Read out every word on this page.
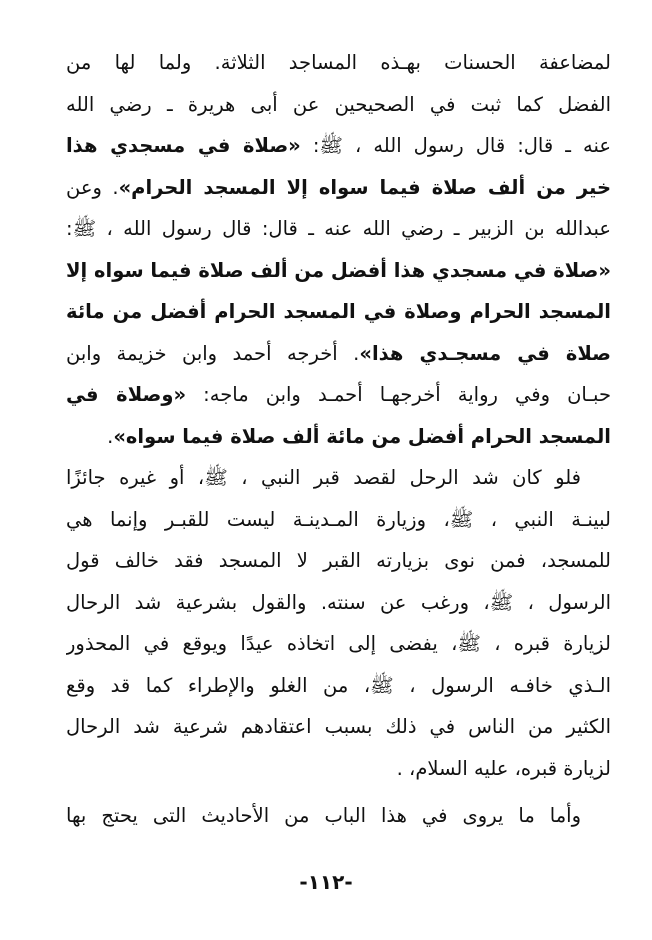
لمضاعفة الحسنات بهـذه المساجد الثلاثة. ولما لها من
الفضل كما ثبت في الصحيحين عن أبى هريرة ـ رضي الله
عنه ـ قال: قال رسول الله ، ﷺ: «صلاة في مسجدي هذا
خير من ألف صلاة فيما سواه إلا المسجد الحرام». وعن
عبدالله بن الزبير ـ رضي الله عنه ـ قال: قال رسول الله ، ﷺ:
«صلاة في مسجدي هذا أفضل من ألف صلاة فيما سواه إلا
المسجد الحرام وصلاة في المسجد الحرام أفضل من مائة
صلاة في مسجـدي هذا». أخرجه أحمد وابن خزيمة وابن
حبـان وفي رواية أخرجهـا أحمـد وابن ماجه: «وصلاة في
المسجد الحرام أفضل من مائة ألف صلاة فيما سواه».
فلو كان شد الرحل لقصد قبر النبي ، ﷺ، أو غيره جائزًا
لبينـة النبي ، ﷺ، وزيارة المـدينـة ليست للقبـر وإنما هي
للمسجد، فمن نوى بزيارته القبر لا المسجد فقد خالف قول
الرسول ، ﷺ، ورغب عن سنته. والقول بشرعية شد الرحال
لزيارة قبره ، ﷺ، يفضى إلى اتخاذه عيدًا ويوقع في المحذور
الـذي خافـه الرسول ، ﷺ، من الغلو والإطراء كما قد وقع
الكثير من الناس في ذلك بسبب اعتقادهم شرعية شد الرحال
لزيارة قبره، عليه السلام، .
وأما ما يروى في هذا الباب من الأحاديث التى يحتج بها
-١١٢-
